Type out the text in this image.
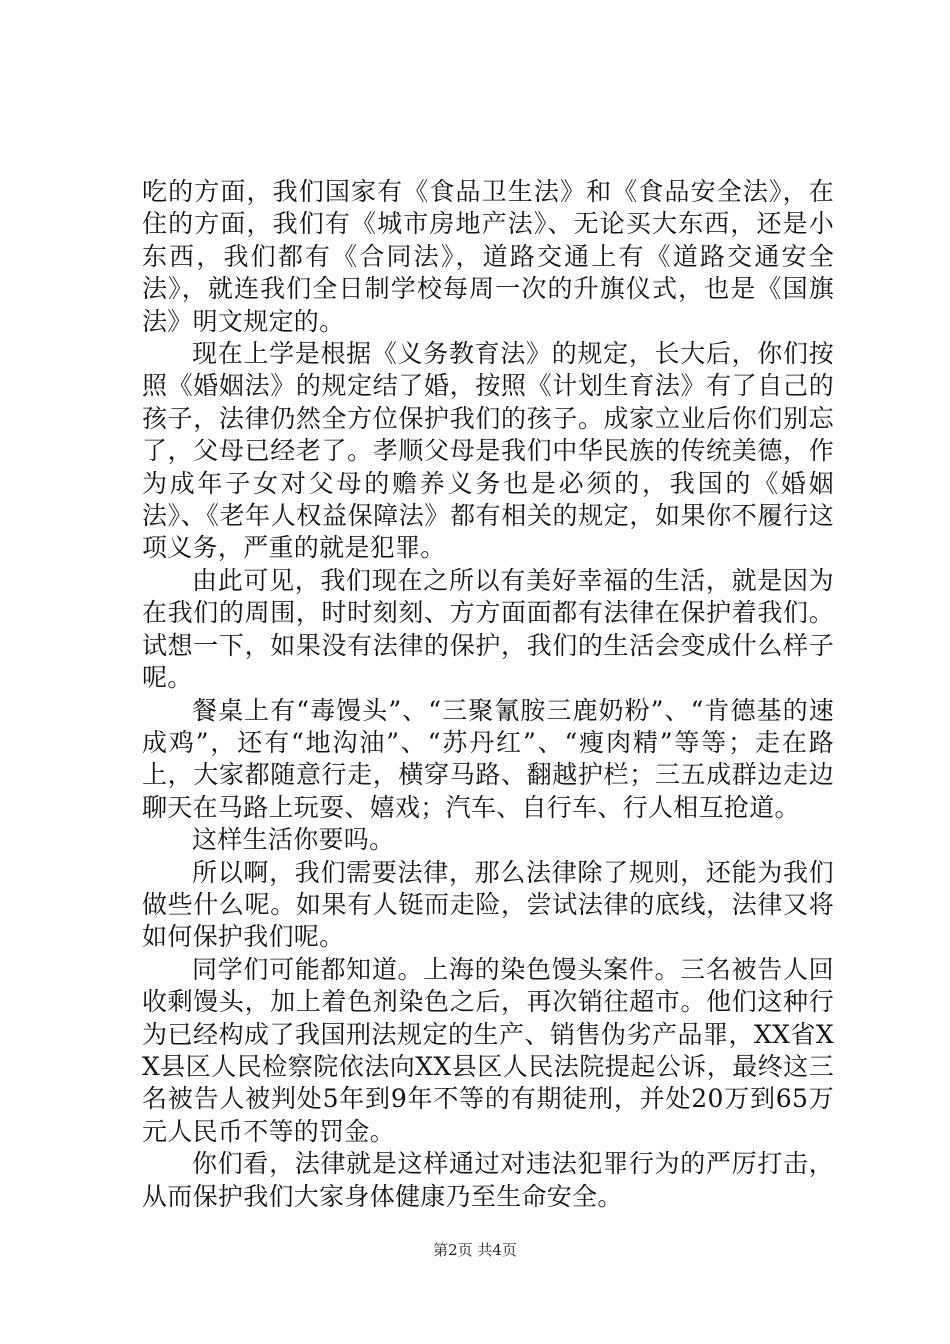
吃的方面，我们国家有《食品卫生法》和《食品安全法》，在住的方面，我们有《城市房地产法》、无论买大东西，还是小东西，我们都有《合同法》，道路交通上有《道路交通安全法》，就连我们全日制学校每周一次的升旗仪式，也是《国旗法》明文规定的。

现在上学是根据《义务教育法》的规定，长大后，你们按照《婚姻法》的规定结了婚，按照《计划生育法》有了自己的孩子，法律仍然全方位保护我们的孩子。成家立业后你们别忘了，父母已经老了。孝顺父母是我们中华民族的传统美德，作为成年子女对父母的赡养义务也是必须的，我国的《婚姻法》、《老年人权益保障法》都有相关的规定，如果你不履行这项义务，严重的就是犯罪。

由此可见，我们现在之所以有美好幸福的生活，就是因为在我们的周围，时时刻刻、方方面面都有法律在保护着我们。试想一下，如果没有法律的保护，我们的生活会变成什么样子呢。

餐桌上有“毒馒头”、“三聚氰胺三鹿奶粉”、“肯德基的速成鸡”，还有“地沟油”、“苏丹红”、“瘦肉精”等等；走在路上，大家都随意行走，横穿马路、翻越护栏；三五成群边走边聊天在马路上玩耍、嬉戏；汽车、自行车、行人相互抢道。

这样生活你要吗。

所以啊，我们需要法律，那么法律除了规则，还能为我们做些什么呢。如果有人铤而走险，尝试法律的底线，法律又将如何保护我们呢。

同学们可能都知道。上海的染色馒头案件。三名被告人回收剩馒头，加上着色剂染色之后，再次销往超市。他们这种行为已经构成了我国刑法规定的生产、销售伪劣产品罪，XX省XX县区人民检察院依法向XX县区人民法院提起公诉，最终这三名被告人被判处5年到9年不等的有期徒刑，并处20万到65万元人民币不等的罚金。

你们看，法律就是这样通过对违法犯罪行为的严厉打击，从而保护我们大家身体健康乃至生命安全。

第2页 共4页
